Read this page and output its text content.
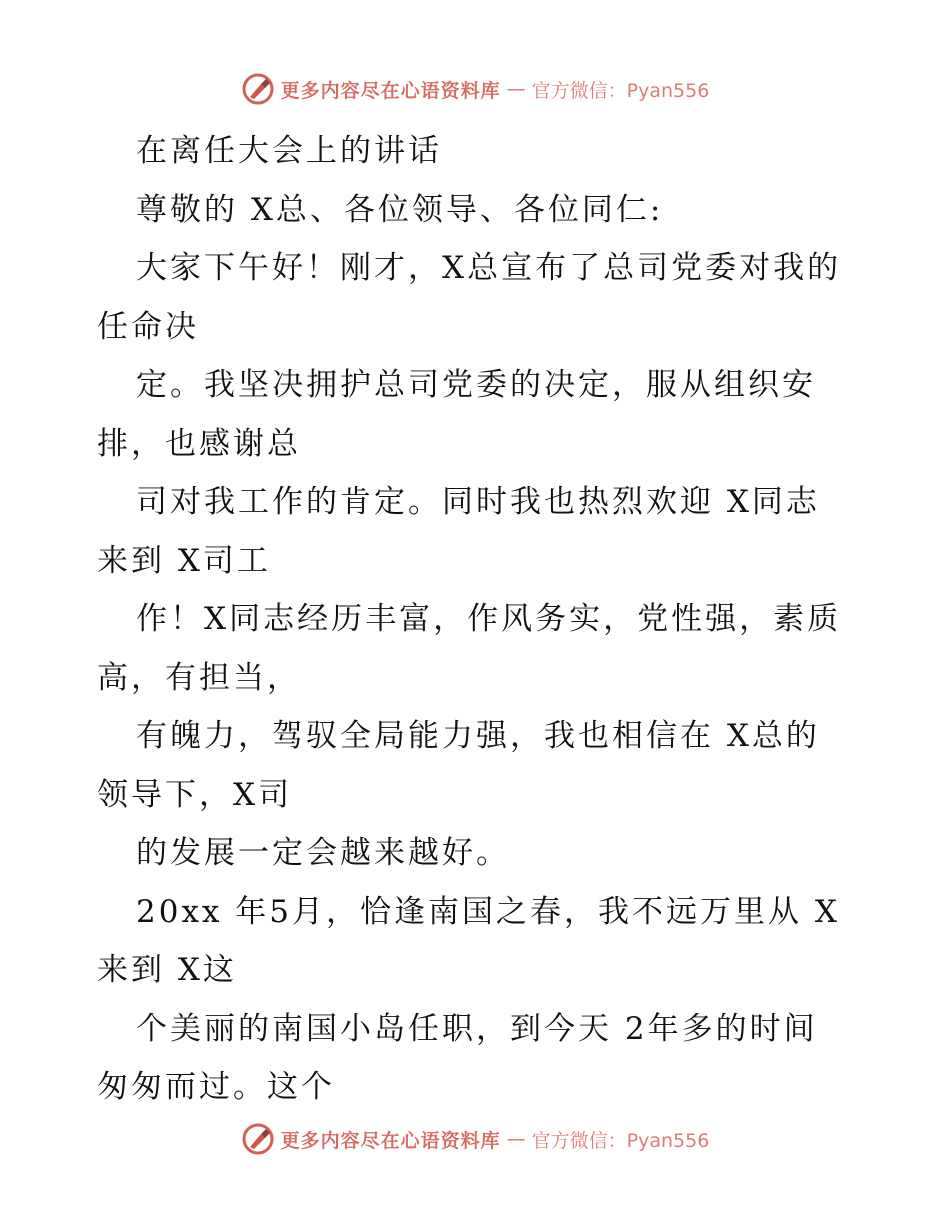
更多内容尽在心语资料库 — 官方微信：Pyan556
在离任大会上的讲话
尊敬的 X总、各位领导、各位同仁:
大家下午好！刚才，X总宣布了总司党委对我的
任命决
定。我坚决拥护总司党委的决定，服从组织安
排，也感谢总
司对我工作的肯定。同时我也热烈欢迎 X同志
来到 X司工
作！X同志经历丰富，作风务实，党性强，素质
高，有担当，
有魄力，驾驭全局能力强，我也相信在 X总的
领导下，X司
的发展一定会越来越好。
20xx 年5月，恰逢南国之春，我不远万里从 X
来到 X这
个美丽的南国小岛任职，到今天 2年多的时间
匆匆而过。这个
更多内容尽在心语资料库 — 官方微信：Pyan556
